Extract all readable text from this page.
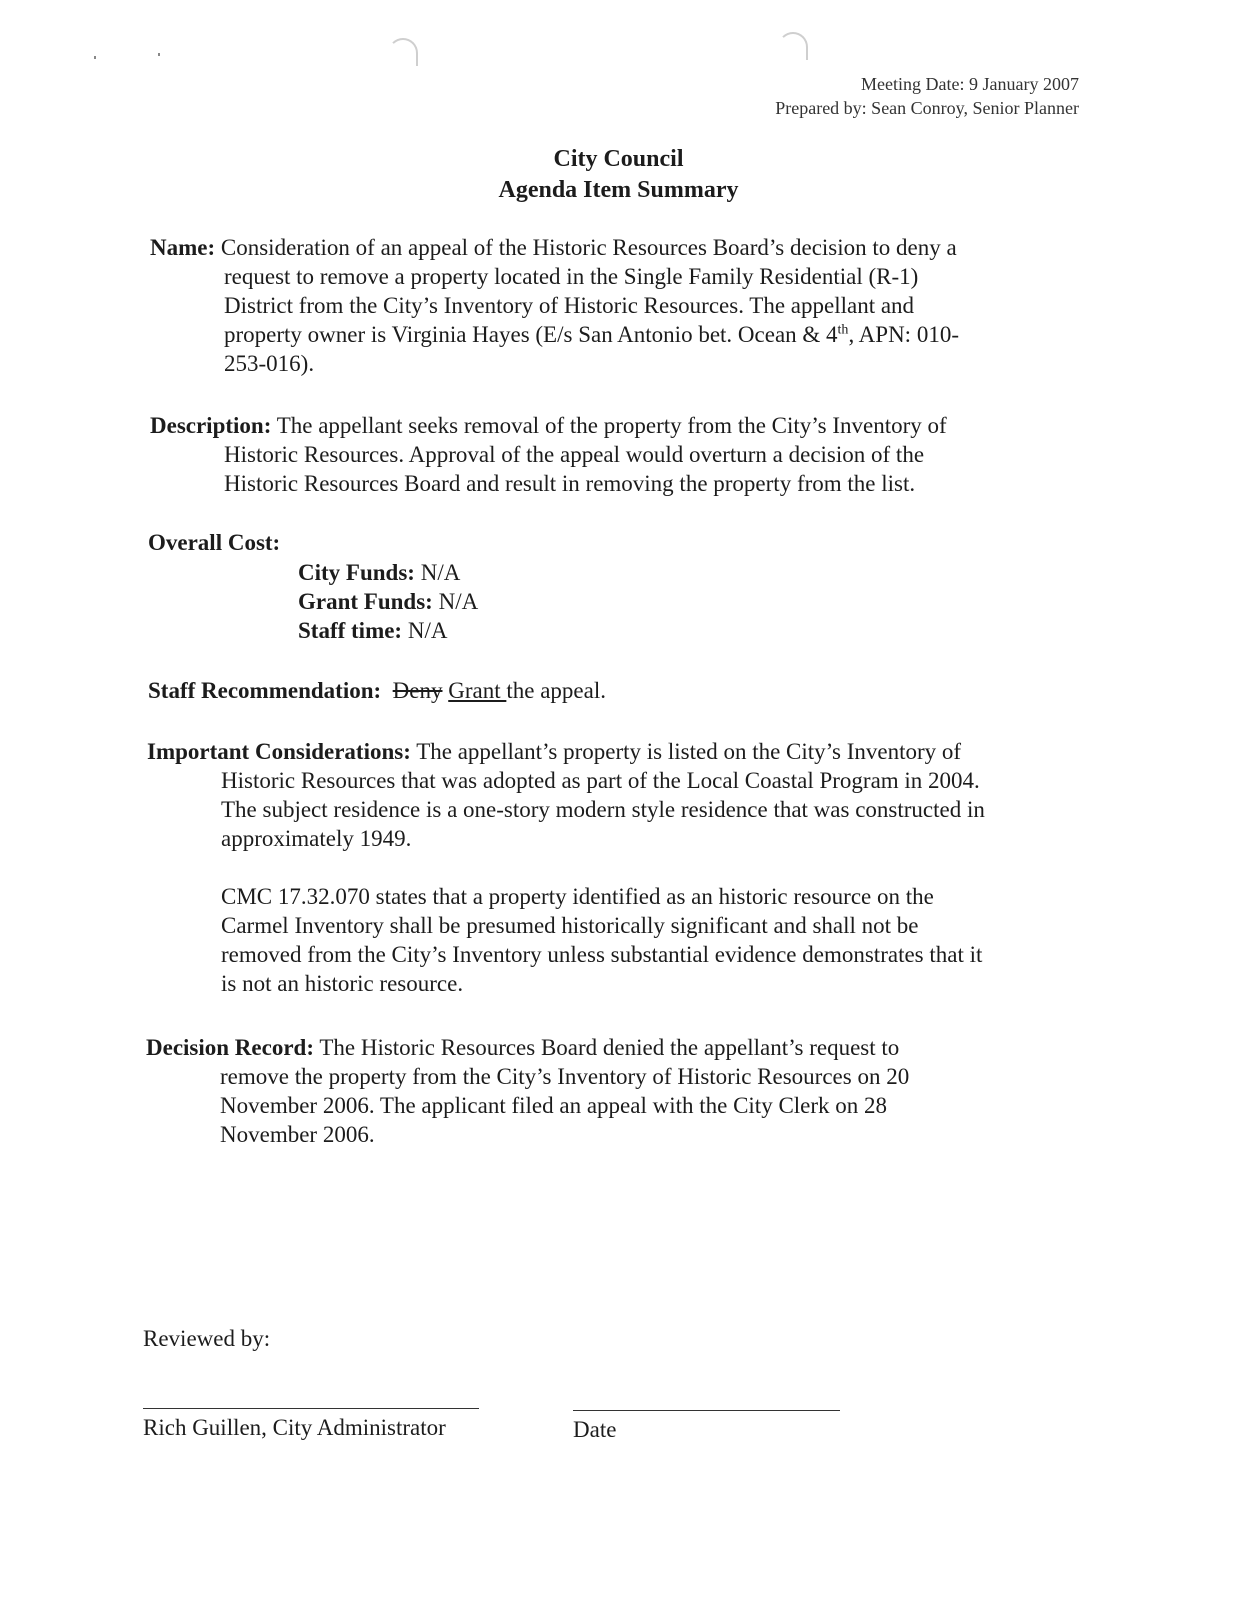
Meeting Date: 9 January 2007
Prepared by: Sean Conroy, Senior Planner
City Council
Agenda Item Summary
Name: Consideration of an appeal of the Historic Resources Board’s decision to deny a
request to remove a property located in the Single Family Residential (R-1)
District from the City’s Inventory of Historic Resources. The appellant and
property owner is Virginia Hayes (E/s San Antonio bet. Ocean & 4th, APN: 010-
253-016).
Description: The appellant seeks removal of the property from the City’s Inventory of
Historic Resources. Approval of the appeal would overturn a decision of the
Historic Resources Board and result in removing the property from the list.
Overall Cost:
City Funds: N/A
Grant Funds: N/A
Staff time: N/A
Staff Recommendation: Deny Grant the appeal.
Important Considerations: The appellant’s property is listed on the City’s Inventory of
Historic Resources that was adopted as part of the Local Coastal Program in 2004.
The subject residence is a one-story modern style residence that was constructed in
approximately 1949.
CMC 17.32.070 states that a property identified as an historic resource on the
Carmel Inventory shall be presumed historically significant and shall not be
removed from the City’s Inventory unless substantial evidence demonstrates that it
is not an historic resource.
Decision Record: The Historic Resources Board denied the appellant’s request to
remove the property from the City’s Inventory of Historic Resources on 20
November 2006. The applicant filed an appeal with the City Clerk on 28
November 2006.
Reviewed by:
Rich Guillen, City Administrator	Date
